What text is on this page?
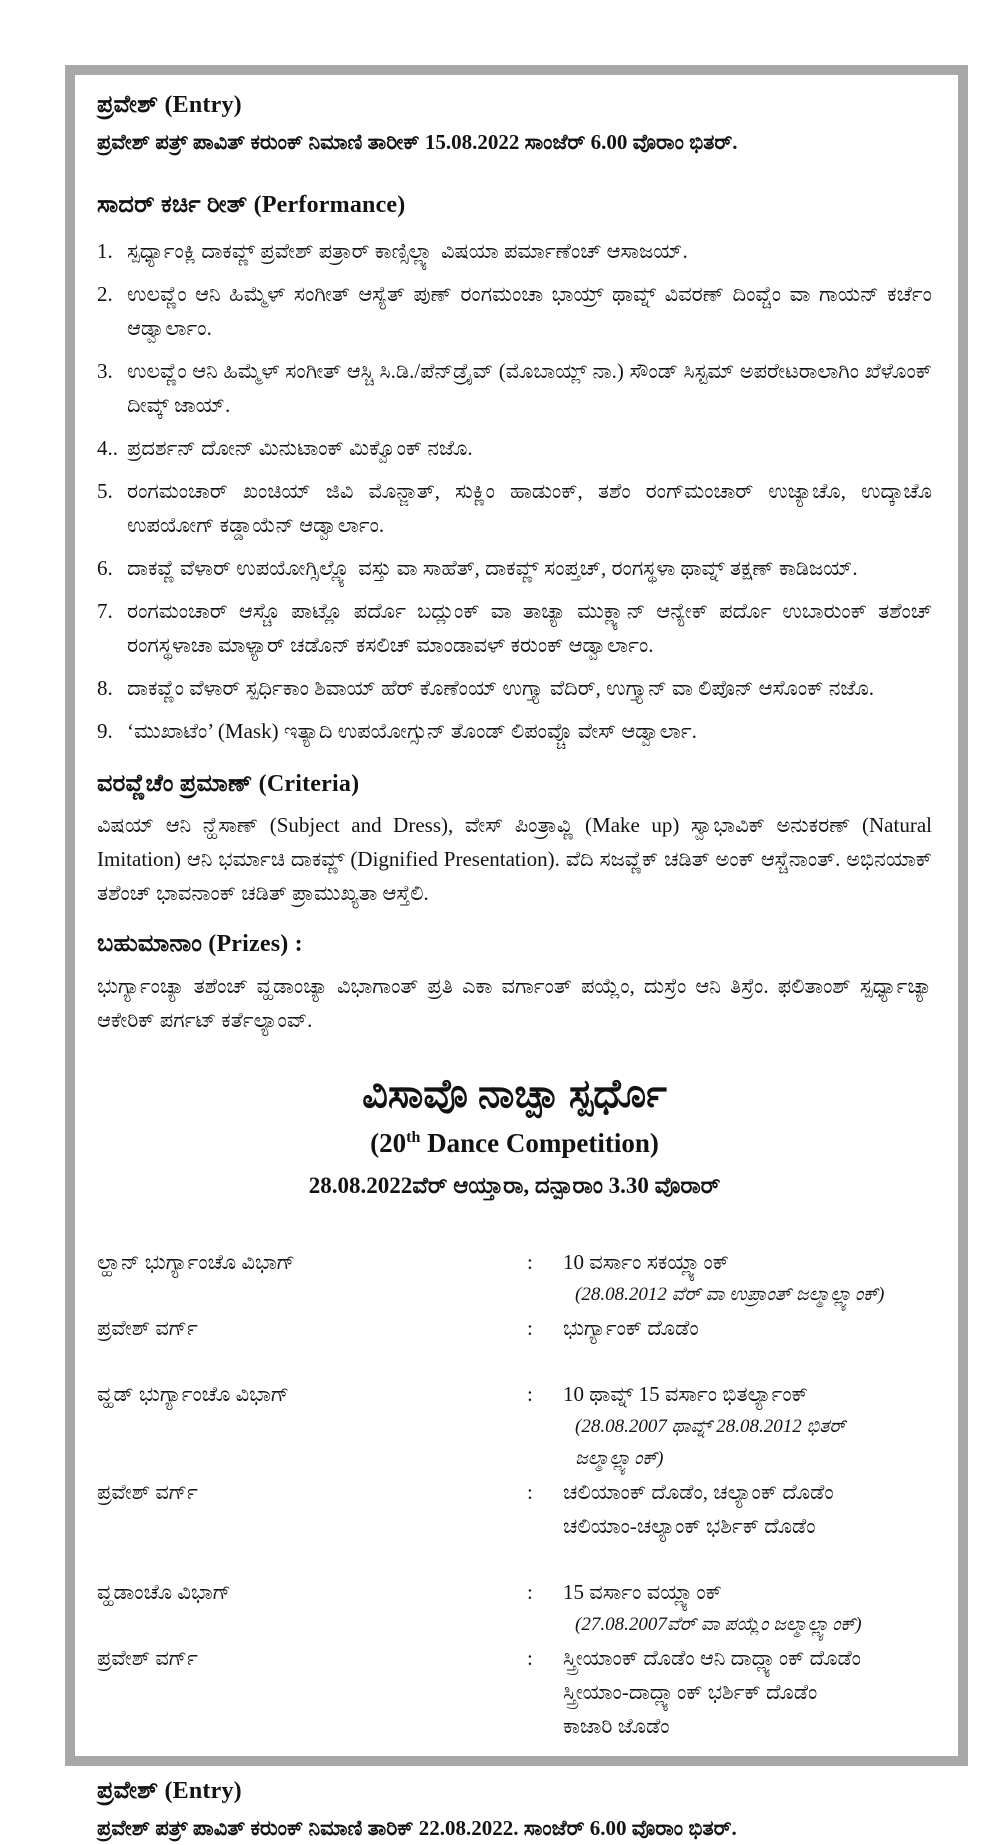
ಪ್ರವೇಶ್ (Entry)

ಪ್ರವೇಶ್ ಪತ್ರ್ ಪಾವಿತ್ ಕರುಂಕ್ ನಿಮಾಣಿ ತಾರೀಕ್ 15.08.2022 ಸಾಂಜೆರ್ 6.00 ವೊರಾಂ ಭಿತರ್.

ಸಾದರ್ ಕರ್ಚಿ ರೀತ್ (Performance)
1. ಸ್ಪರ್ಧ್ಯಾಂಕ್ಲಿ ದಾಕವ್ಣ್ ಪ್ರವೇಶ್ ಪತ್ರಾರ್ ಕಾಣ್ಸಿಲ್ಲ್ಯಾ ವಿಷಯಾ ಪರ್ಮಾಣೆಂಚ್ ಆಸಾಜಯ್.
2. ಉಲವ್ಣೆಂ ಆನಿ ಹಿಮ್ಮೆಳ್ ಸಂಗೀತ್ ಆಸ್ಯೆತ್ ಪುಣ್ ರಂಗಮಂಚಾ ಭಾಯ್ರ್ ಥಾವ್ನ್ ವಿವರಣ್ ದಿಂವ್ಚೆಂ ವಾ ಗಾಯನ್ ಕರ್ಚೆಂ ಆಡ್ವಾರ್ಲಾಂ.
3. ಉಲವ್ಣೆಂ ಆನಿ ಹಿಮ್ಮೆಳ್ ಸಂಗೀತ್ ಆಸ್ಚಿ ಸಿ.ಡಿ./ಪೆನ್‌ಡ್ರೈವ್ (ಮೊಬಾಯ್ಲ್ ನಾ.) ಸೌಂಡ್ ಸಿಸ್ಟಮ್ ಅಪರೇಟರಾಲಾಗಿಂ ಖೆಳೊಂಕ್ ದೀವ್ಕ್ ಜಾಯ್.
4.. ಪ್ರದರ್ಶನ್ ದೋನ್ ಮಿನುಟಾಂಕ್ ಮಿಕ್ವೊಂಕ್ ನಜೊ.
5. ರಂಗಮಂಚಾರ್ ಖಂಚಿಯ್ ಜಿವಿ ಮೊನ್ಜಾತ್, ಸುಕ್ಣಿಂ ಹಾಡುಂಕ್, ತಶೆಂ ರಂಗ್‌ಮಂಚಾರ್ ಉಜ್ಯಾಚೊ, ಉದ್ಕಾಚೊ ಉಪಯೋಗ್ ಕಡ್ಡಾಯೆನ್ ಆಡ್ವಾರ್ಲಾಂ.
6. ದಾಕವ್ಣೆ ವೆಳಾರ್ ಉಪಯೋಗ್ಸಿಲ್ಲ್ಯೊ ವಸ್ತು ವಾ ಸಾಹೆತ್, ದಾಕವ್ಣ್ ಸಂಪ್ತಚ್, ರಂಗಸ್ಥಳಾ ಥಾವ್ನ್ ತಕ್ಷಣ್ ಕಾಡಿಜಯ್.
7. ರಂಗಮಂಚಾರ್ ಆಸ್ಚೊ ಪಾಟ್ಲೊ ಪರ್ದೊ ಬದ್ಲುಂಕ್ ವಾ ತಾಚ್ಯಾ ಮುಕ್ಲ್ಯಾನ್ ಆನ್ಯೇಕ್ ಪರ್ದೊ ಉಬಾರುಂಕ್ ತಶೆಂಚ್ ರಂಗಸ್ಥಳಾಚಾ ಮಾಳ್ಯಾರ್ ಚಡೊನ್ ಕಸಲಿಚ್ ಮಾಂಡಾವಳ್ ಕರುಂಕ್ ಆಡ್ವಾರ್ಲಾಂ.
8. ದಾಕವ್ಣೆಂ ವೆಳಾರ್ ಸ್ಪರ್ಧಿಕಾಂ ಶಿವಾಯ್ ಹೆರ್ ಕೊಣೆಂಯ್ ಉಗ್ತ್ಯಾ ವೆದಿರ್, ಉಗ್ತ್ಯಾನ್ ವಾ ಲಿಪೊನ್ ಆಸೊಂಕ್ ನಜೊ.
9. ‘ಮುಖಾಟೆಂ’ (Mask) ಇತ್ಯಾದಿ ಉಪಯೋಗ್ಸುನ್ ತೊಂಡ್ ಲಿಪಂವ್ಚೊ ವೇಸ್ ಆಡ್ವಾರ್ಲಾ.
ವರವ್ಣೆಚೆಂ ಪ್ರಮಾಣ್ (Criteria)

ವಿಷಯ್ ಆನಿ ನ್ಹೆಸಾಣ್ (Subject and Dress), ವೇಸ್ ಪಿಂತ್ರಾವ್ಣಿ (Make up) ಸ್ವಾಭಾವಿಕ್ ಅನುಕರಣ್ (Natural Imitation) ಆನಿ ಭರ್ಮಾಚಿ ದಾಕವ್ಣ್ (Dignified Presentation). ವೆದಿ ಸಜವ್ಣೆಕ್ ಚಡಿತ್ ಅಂಕ್ ಆಸ್ಚೆನಾಂತ್. ಅಭಿನಯಾಕ್ ತಶೆಂಚ್ ಭಾವನಾಂಕ್ ಚಡಿತ್ ಪ್ರಾಮುಖ್ಯತಾ ಆಸ್ತೆಲಿ.

ಬಹುಮಾನಾಂ (Prizes) :

ಭುರ್ಗ್ಯಾಂಚ್ಯಾ ತಶೆಂಚ್ ವ್ಹಡಾಂಚ್ಯಾ ವಿಭಾಗಾಂತ್ ಪ್ರತಿ ಎಕಾ ವರ್ಗಾಂತ್ ಪಯ್ಲೆಂ, ದುಸ್ರೆಂ ಆನಿ ತಿಸ್ರೆಂ. ಫಲಿತಾಂಶ್ ಸ್ಪರ್ಧ್ಯಾಚ್ಯಾ ಆಕೇರಿಕ್ ಪರ್ಗಟ್ ಕರ್ತೆಲ್ಯಾಂವ್.

ವಿಸಾವೊ ನಾಚ್ಪಾ ಸ್ಪರ್ಧೊ
(20th Dance Competition)
28.08.2022ವೆರ್ ಆಯ್ತಾರಾ, ದನ್ಪಾರಾಂ 3.30 ವೊರಾರ್
ಲ್ಹಾನ್ ಭುರ್ಗ್ಯಾಂಚೊ ವಿಭಾಗ್	:	10 ವರ್ಸಾಂ ಸಕಯ್ಲ್ಯಾಂಕ್
(28.08.2012 ವೆರ್ ವಾ ಉಪ್ರಾಂತ್ ಜಲ್ಮಾಲ್ಲ್ಯಾಂಕ್)
ಪ್ರವೇಶ್ ವರ್ಗ್	:	ಭುರ್ಗ್ಯಾಂಕ್ ದೊಡೆಂ
ವ್ಹಡ್ ಭುರ್ಗ್ಯಾಂಚೊ ವಿಭಾಗ್	:	10 ಥಾವ್ನ್ 15 ವರ್ಸಾಂ ಭಿತರ್ಲ್ಯಾಂಕ್
(28.08.2007 ಥಾವ್ನ್ 28.08.2012 ಭಿತರ್ ಜಲ್ಮಾಲ್ಲ್ಯಾಂಕ್)
ಪ್ರವೇಶ್ ವರ್ಗ್	:	ಚಲಿಯಾಂಕ್ ದೊಡೆಂ, ಚಲ್ಯಾಂಕ್ ದೊಡೆಂ
ಚಲಿಯಾಂ-ಚಲ್ಯಾಂಕ್ ಭರ್ಶಿಕ್ ದೊಡೆಂ
ವ್ಹಡಾಂಚೊ ವಿಭಾಗ್	:	15 ವರ್ಸಾಂ ವಯ್ಲ್ಯಾಂಕ್
(27.08.2007ವೆರ್ ವಾ ಪಯ್ಲೆಂ ಜಲ್ಮಾಲ್ಲ್ಯಾಂಕ್)
ಪ್ರವೇಶ್ ವರ್ಗ್	:	ಸ್ತ್ರೀಯಾಂಕ್ ದೊಡೆಂ ಆನಿ ದಾದ್ಲ್ಯಾಂಕ್ ದೊಡೆಂ
ಸ್ತ್ರೀಯಾಂ-ದಾದ್ಲ್ಯಾಂಕ್ ಭರ್ಶಿಕ್ ದೊಡೆಂ
ಕಾಜಾರಿ ಜೊಡೆಂ
ಪ್ರವೇಶ್ (Entry)

ಪ್ರವೇಶ್ ಪತ್ರ್ ಪಾವಿತ್ ಕರುಂಕ್ ನಿಮಾಣಿ ತಾರಿಕ್ 22.08.2022. ಸಾಂಜೆರ್ 6.00 ವೊರಾಂ ಭಿತರ್.
